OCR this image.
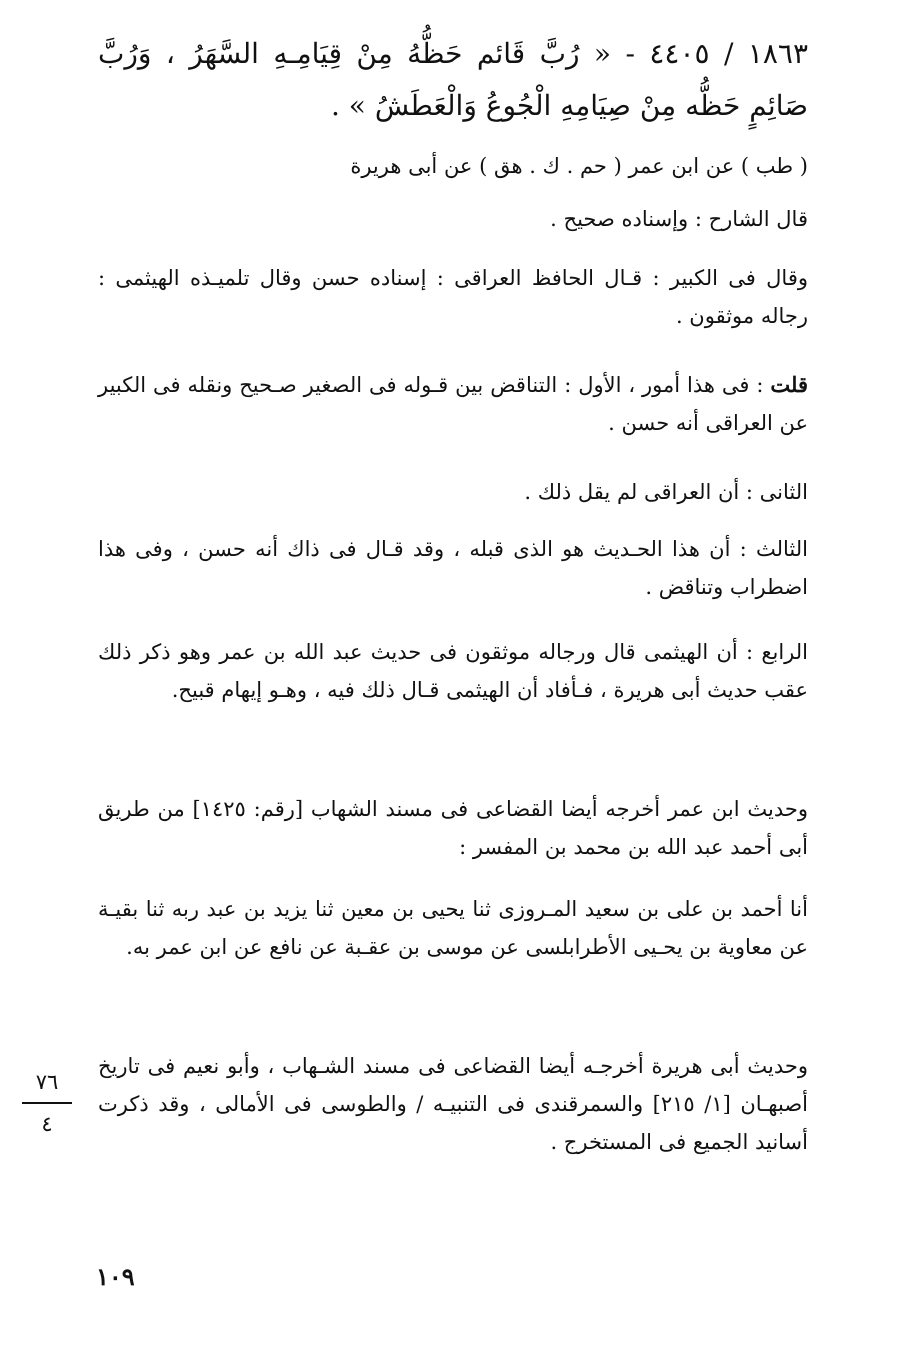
١٨٦٣ / ٤٤٠٥ - « رُبَّ قَائم حَظُّهُ مِنْ قِيَامِـهِ السَّهَرُ ، وَرُبَّ صَائِمٍ حَظُّه مِنْ صِيَامِهِ الْجُوعُ وَالْعَطَشُ » .
( طب ) عن ابن عمر ( حم . ك . هق ) عن أبى هريرة
قال الشارح : وإسناده صحيح .
وقال فى الكبير : قـال الحافظ العراقى : إسناده حسن وقال تلميـذه الهيثمى : رجاله موثقون .
قلت : فى هذا أمور ، الأول : التناقض بين قـوله فى الصغير صـحيح ونقله فى الكبير عن العراقى أنه حسن .
الثانى : أن العراقى لم يقل ذلك .
الثالث : أن هذا الحـديث هو الذى قبله ، وقد قـال فى ذاك أنه حسن ، وفى هذا اضطراب وتناقض .
الرابع : أن الهيثمى قال ورجاله موثقون فى حديث عبد الله بن عمر وهو ذكر ذلك عقب حديث أبى هريرة ، فـأفاد أن الهيثمى قـال ذلك فيه ، وهـو إيهام قبيح.
وحديث ابن عمر أخرجه أيضا القضاعى فى مسند الشهاب [رقم: ١٤٢٥] من طريق أبى أحمد عبد الله بن محمد بن المفسر :
أنا أحمد بن على بن سعيد المـروزى ثنا يحيى بن معين ثنا يزيد بن عبد ربه ثنا بقيـة عن معاوية بن يحـيى الأطرابلسى عن موسى بن عقـبة عن نافع عن ابن عمر به.
وحديث أبى هريرة أخرجـه أيضا القضاعى فى مسند الشـهاب ، وأبو نعيم فى تاريخ أصبهـان [١/ ٢١٥] والسمرقندى فى التنبيـه / والطوسى فى الأمالى ، وقد ذكرت أسانيد الجميع فى المستخرج .
٧٦
٤
١٠٩
